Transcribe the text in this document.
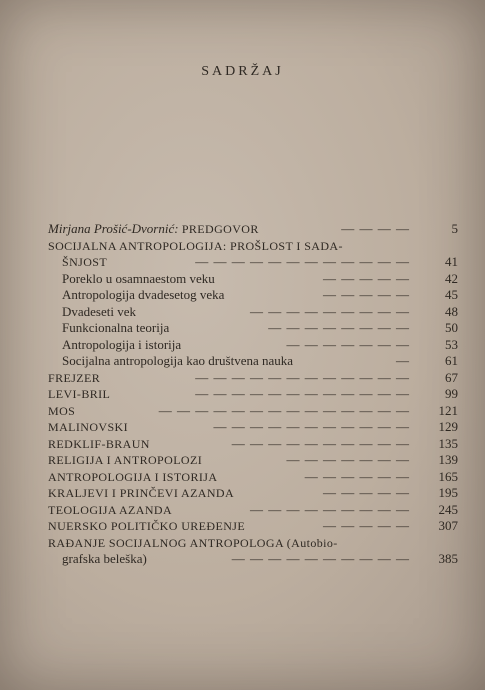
SADRŽAJ
Mirjana Prošić-Dvornić: PREDGOVOR	— — — —	5
SOCIJALNA ANTROPOLOGIJA: PROŠLOST I SADA-
ŠNJOST	— — — — — — — — — — — —	41
Poreklo u osamnaestom veku	— — — — —	42
Antropologija dvadesetog veka	— — — — —	45
Dvadeseti vek	— — — — — — — — —	48
Funkcionalna teorija	— — — — — — — —	50
Antropologija i istorija	— — — — — — —	53
Socijalna antropologija kao društvena nauka	—	61
FREJZER	— — — — — — — — — — — —	67
LEVI-BRIL	— — — — — — — — — — — —	99
MOS	— — — — — — — — — — — — — —	121
MALINOVSKI	— — — — — — — — — — —	129
REDKLIF-BRAUN	— — — — — — — — — —	135
RELIGIJA I ANTROPOLOZI	— — — — — — —	139
ANTROPOLOGIJA I ISTORIJA	— — — — — —	165
KRALJEVI I PRINČEVI AZANDA	— — — — —	195
TEOLOGIJA AZANDA	— — — — — — — — —	245
NUERSKO POLITIČKO UREĐENJE	— — — — —	307
RAĐANJE SOCIJALNOG ANTROPOLOGA (Autobio-
grafska beleška)	— — — — — — — — — —	385
